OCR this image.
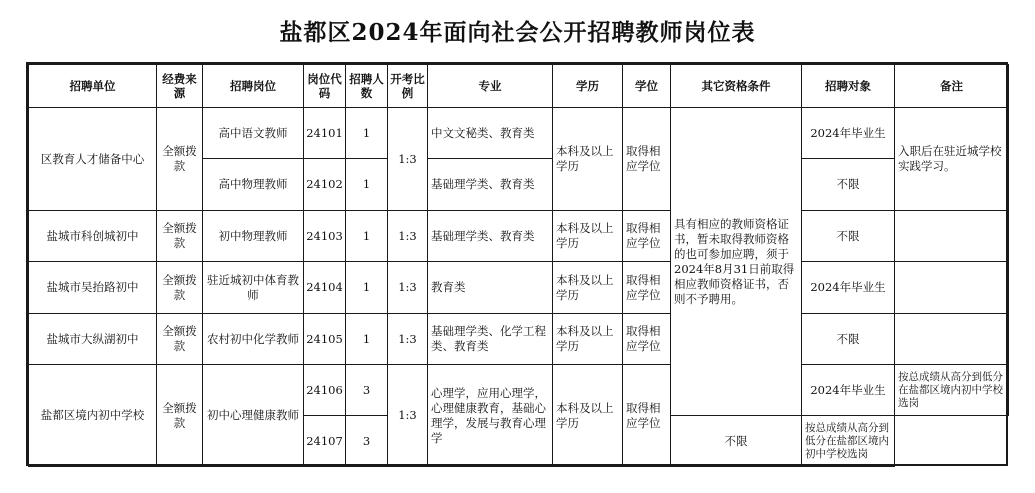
盐都区2024年面向社会公开招聘教师岗位表
招聘单位	经费来源	招聘岗位	岗位代码	招聘人数	开考比例	专业	学历	学位	其它资格条件	招聘对象	备注
区教育人才储备中心	全额拨款	高中语文教师	24101	1	1:3	中文文秘类、教育类	本科及以上学历	取得相应学位	具有相应的教师资格证书，暂未取得教师资格的也可参加应聘，须于2024年8月31日前取得相应教师资格证书，否则不予聘用。	2024年毕业生	入职后在驻近城学校实践学习。
		高中物理教师	24102	1		基础理学类、教育类				不限	
盐城市科创城初中	全额拨款	初中物理教师	24103	1	1:3	基础理学类、教育类	本科及以上学历	取得相应学位		不限	
盐城市吴抬路初中	全额拨款	驻近城初中体育教师	24104	1	1:3	教育类	本科及以上学历	取得相应学位		2024年毕业生	
盐城市大纵湖初中	全额拨款	农村初中化学教师	24105	1	1:3	基础理学类、化学工程类、教育类	本科及以上学历	取得相应学位		不限	
盐都区境内初中学校	全额拨款	初中心理健康教师	24106	3	1:3	心理学，应用心理学，心理健康教育，基础心理学，发展与教育心理学	本科及以上学历	取得相应学位		2024年毕业生	按总成绩从高分到低分在盐都区境内初中学校选岗
			24107	3					不限	按总成绩从高分到低分在盐都区境内初中学校选岗	
